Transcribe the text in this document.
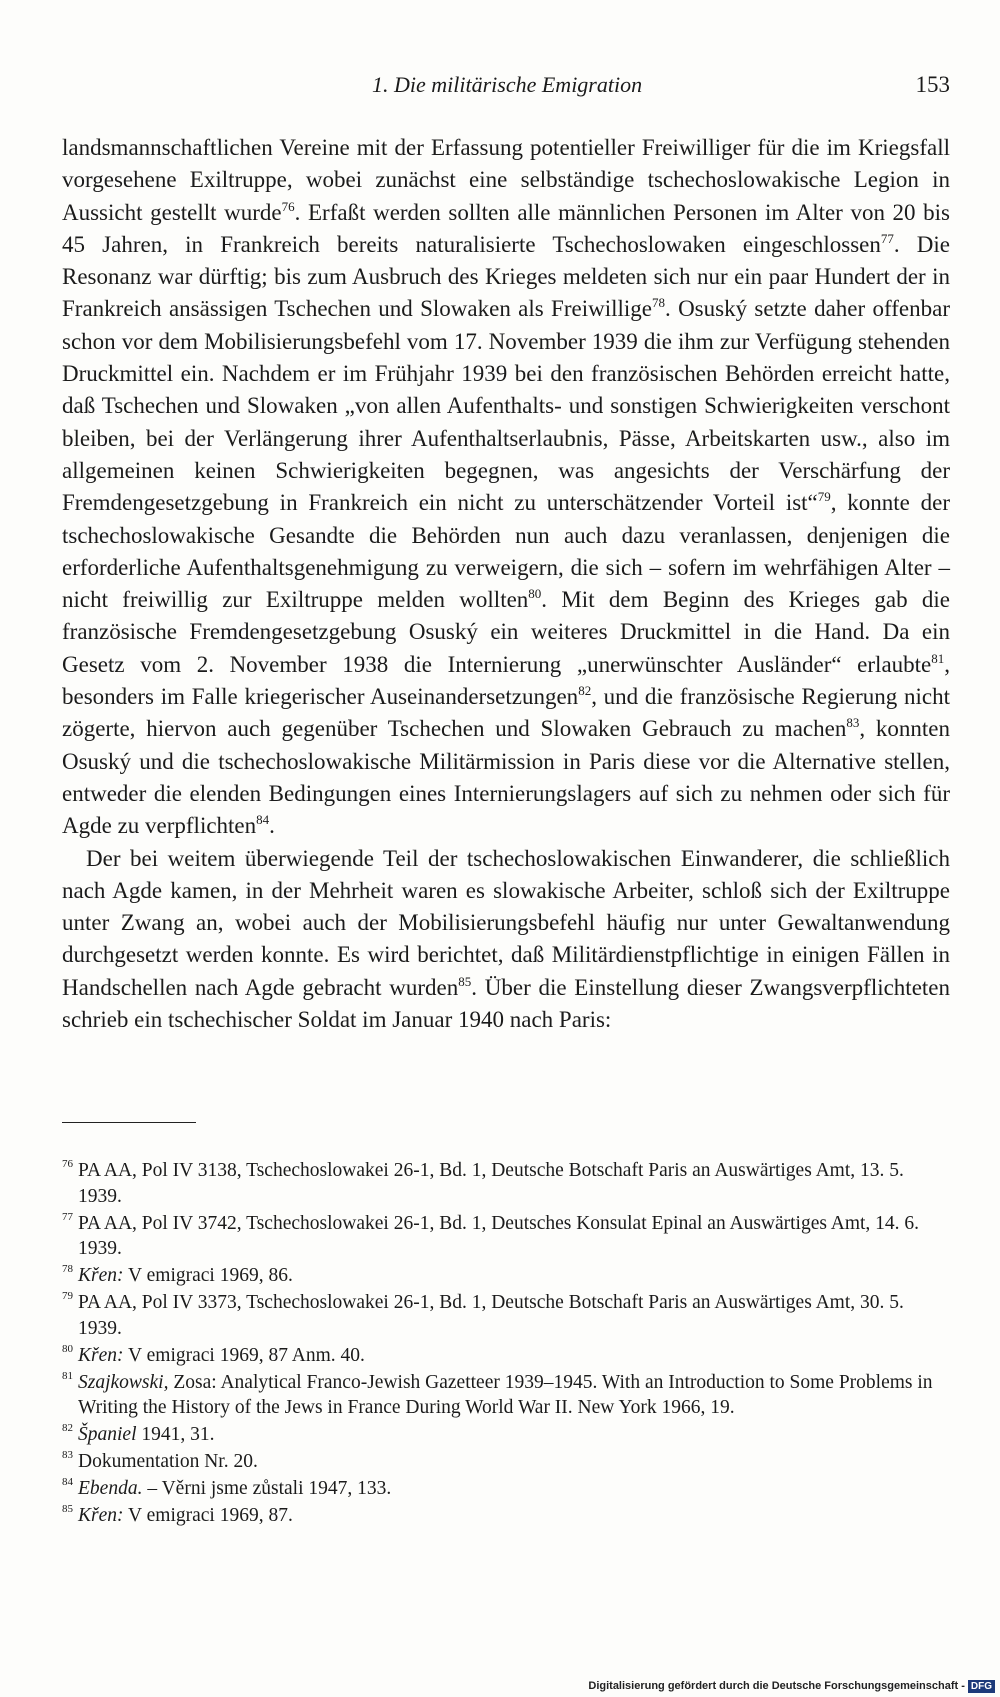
1. Die militärische Emigration	153

landsmannschaftlichen Vereine mit der Erfassung potentieller Freiwilliger für die im Kriegsfall vorgesehene Exiltruppe, wobei zunächst eine selbständige tschechoslowakische Legion in Aussicht gestellt wurde$^{76}$. Erfaßt werden sollten alle männlichen Personen im Alter von 20 bis 45 Jahren, in Frankreich bereits naturalisierte Tschechoslowaken eingeschlossen$^{77}$. Die Resonanz war dürftig; bis zum Ausbruch des Krieges meldeten sich nur ein paar Hundert der in Frankreich ansässigen Tschechen und Slowaken als Freiwillige$^{78}$. Osuský setzte daher offenbar schon vor dem Mobilisierungsbefehl vom 17. November 1939 die ihm zur Verfügung stehenden Druckmittel ein. Nachdem er im Frühjahr 1939 bei den französischen Behörden erreicht hatte, daß Tschechen und Slowaken „von allen Aufenthalts- und sonstigen Schwierigkeiten verschont bleiben, bei der Verlängerung ihrer Aufenthaltserlaubnis, Pässe, Arbeitskarten usw., also im allgemeinen keinen Schwierigkeiten begegnen, was angesichts der Verschärfung der Fremdengesetzgebung in Frankreich ein nicht zu unterschätzender Vorteil ist“$^{79}$, konnte der tschechoslowakische Gesandte die Behörden nun auch dazu veranlassen, denjenigen die erforderliche Aufenthaltsgenehmigung zu verweigern, die sich – sofern im wehrfähigen Alter – nicht freiwillig zur Exiltruppe melden wollten$^{80}$. Mit dem Beginn des Krieges gab die französische Fremdengesetzgebung Osuský ein weiteres Druckmittel in die Hand. Da ein Gesetz vom 2. November 1938 die Internierung „unerwünschter Ausländer“ erlaubte$^{81}$, besonders im Falle kriegerischer Auseinandersetzungen$^{82}$, und die französische Regierung nicht zögerte, hiervon auch gegenüber Tschechen und Slowaken Gebrauch zu machen$^{83}$, konnten Osuský und die tschechoslowakische Militärmission in Paris diese vor die Alternative stellen, entweder die elenden Bedingungen eines Internierungslagers auf sich zu nehmen oder sich für Agde zu verpflichten$^{84}$.

Der bei weitem überwiegende Teil der tschechoslowakischen Einwanderer, die schließlich nach Agde kamen, in der Mehrheit waren es slowakische Arbeiter, schloß sich der Exiltruppe unter Zwang an, wobei auch der Mobilisierungsbefehl häufig nur unter Gewaltanwendung durchgesetzt werden konnte. Es wird berichtet, daß Militärdienstpflichtige in einigen Fällen in Handschellen nach Agde gebracht wurden$^{85}$. Über die Einstellung dieser Zwangsverpflichteten schrieb ein tschechischer Soldat im Januar 1940 nach Paris:

76 PA AA, Pol IV 3138, Tschechoslowakei 26-1, Bd. 1, Deutsche Botschaft Paris an Auswärtiges Amt, 13. 5. 1939.

77 PA AA, Pol IV 3742, Tschechoslowakei 26-1, Bd. 1, Deutsches Konsulat Epinal an Auswärtiges Amt, 14. 6. 1939.

78 Křen: V emigraci 1969, 86.

79 PA AA, Pol IV 3373, Tschechoslowakei 26-1, Bd. 1, Deutsche Botschaft Paris an Auswärtiges Amt, 30. 5. 1939.

80 Křen: V emigraci 1969, 87 Anm. 40.

81 Szajkowski, Zosa: Analytical Franco-Jewish Gazetteer 1939–1945. With an Introduction to Some Problems in Writing the History of the Jews in France During World War II. New York 1966, 19.

82 Španiel 1941, 31.

83 Dokumentation Nr. 20.

84 Ebenda. – Věrni jsme zůstali 1947, 133.

85 Křen: V emigraci 1969, 87.

Digitalisierung gefördert durch die Deutsche Forschungsgemeinschaft - DFG
